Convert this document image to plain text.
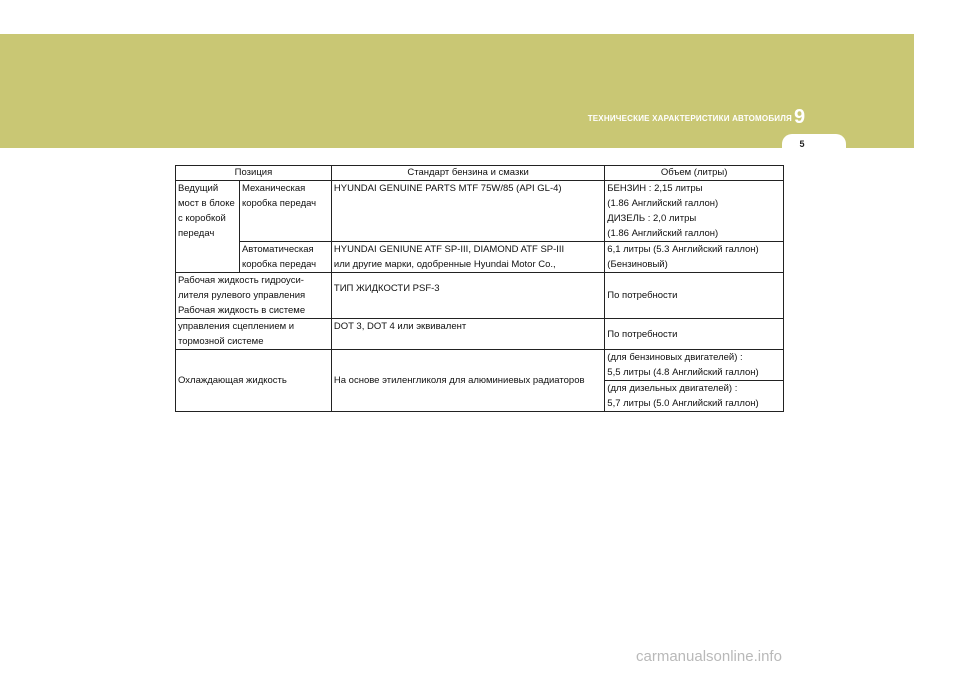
ТЕХНИЧЕСКИЕ ХАРАКТЕРИСТИКИ АВТОМОБИЛЯ 9
5
Позиция		Стандарт бензина и смазки	Объем (литры)
Ведущий
мост в блоке
с коробкой
передач	Механическая
коробка передач	HYUNDAI GENUINE PARTS MTF 75W/85 (API GL-4)	БЕНЗИН : 2,15 литры
(1.86 Английский галлон)
ДИЗЕЛЬ : 2,0 литры
(1.86 Английский галлон)
	Автоматическая
коробка передач	HYUNDAI GENIUNE ATF SP-III, DIAMOND ATF SP-III
или другие марки, одобренные Hyundai Motor Co.,	6,1 литры (5.3 Английский галлон)
(Бензиновый)
Рабочая жидкость гидроуси-
лителя рулевого управления
Рабочая жидкость в системе		ТИП ЖИДКОСТИ PSF-3	По потребности
управления сцеплением и
тормозной системе		DOT 3, DOT 4 или эквивалент	По потребности
Охлаждающая жидкость		На основе этиленгликоля для алюминиевых радиаторов	(для бензиновых двигателей) :
5,5 литры (4.8 Английский галлон)
			(для дизельных двигателей) :
5,7 литры (5.0 Английский галлон)
carmanualsonline.info
